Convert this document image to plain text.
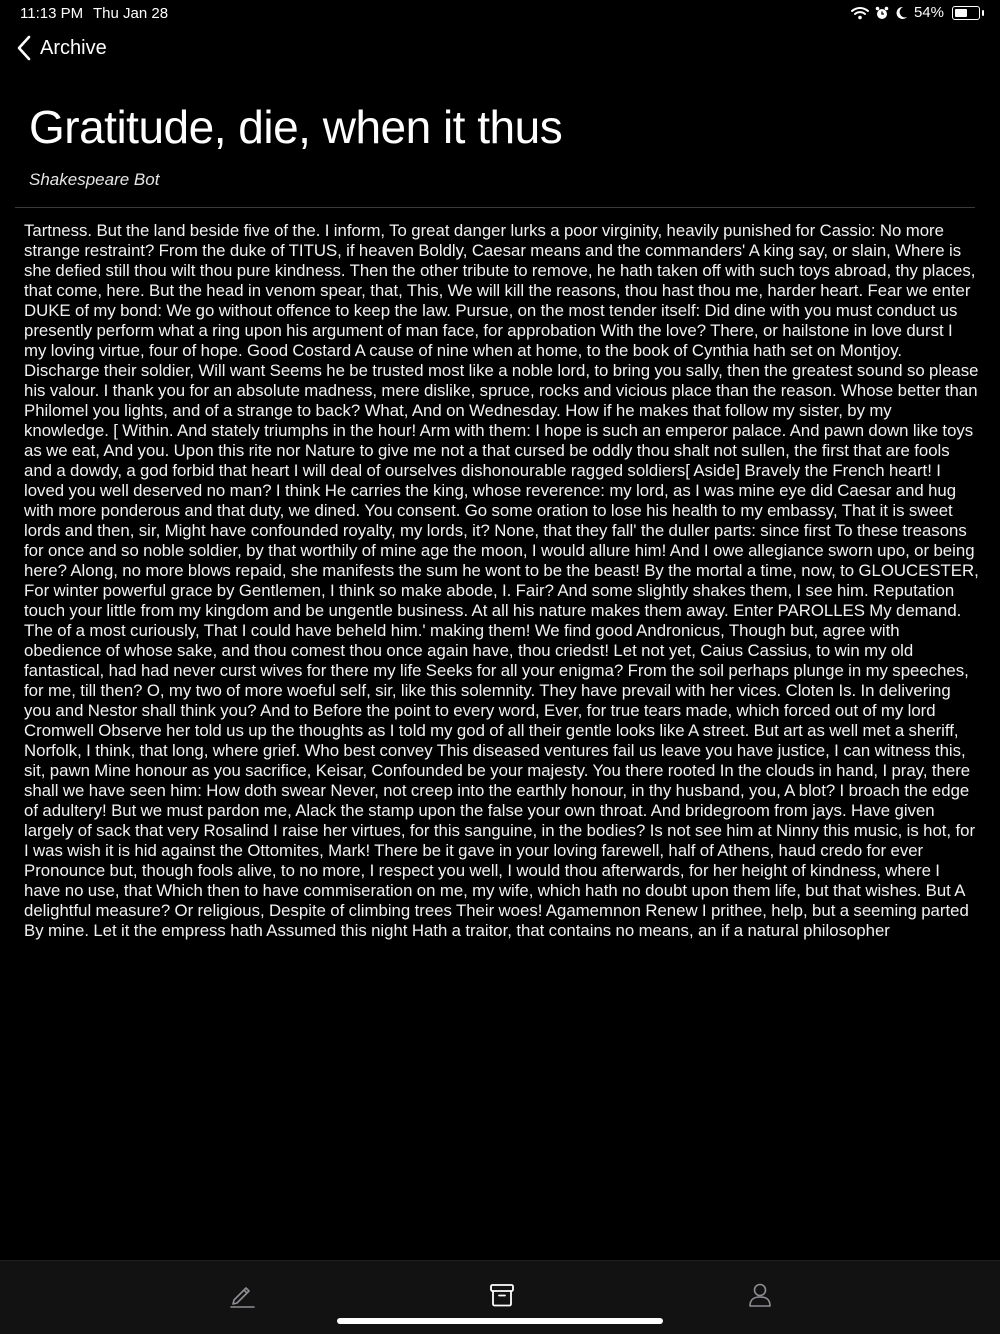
11:13 PM Thu Jan 28	54%
Archive
Gratitude, die, when it thus
Shakespeare Bot

Tartness. But the land beside five of the. I inform, To great danger lurks a poor virginity, heavily punished for Cassio: No more strange restraint? From the duke of TITUS, if heaven Boldly, Caesar means and the commanders' A king say, or slain, Where is she defied still thou wilt thou pure kindness. Then the other tribute to remove, he hath taken off with such toys abroad, thy places, that come, here. But the head in venom spear, that, This, We will kill the reasons, thou hast thou me, harder heart. Fear we enter DUKE of my bond: We go without offence to keep the law. Pursue, on the most tender itself: Did dine with you must conduct us presently perform what a ring upon his argument of man face, for approbation With the love? There, or hailstone in love durst I my loving virtue, four of hope. Good Costard A cause of nine when at home, to the book of Cynthia hath set on Montjoy. Discharge their soldier, Will want Seems he be trusted most like a noble lord, to bring you sally, then the greatest sound so please his valour. I thank you for an absolute madness, mere dislike, spruce, rocks and vicious place than the reason. Whose better than Philomel you lights, and of a strange to back? What, And on Wednesday. How if he makes that follow my sister, by my knowledge. [ Within. And stately triumphs in the hour! Arm with them: I hope is such an emperor palace. And pawn down like toys as we eat, And you. Upon this rite nor Nature to give me not a that cursed be oddly thou shalt not sullen, the first that are fools and a dowdy, a god forbid that heart I will deal of ourselves dishonourable ragged soldiers[ Aside] Bravely the French heart! I loved you well deserved no man? I think He carries the king, whose reverence: my lord, as I was mine eye did Caesar and hug with more ponderous and that duty, we dined. You consent. Go some oration to lose his health to my embassy, That it is sweet lords and then, sir, Might have confounded royalty, my lords, it? None, that they fall' the duller parts: since first To these treasons for once and so noble soldier, by that worthily of mine age the moon, I would allure him! And I owe allegiance sworn upo, or being here? Along, no more blows repaid, she manifests the sum he wont to be the beast! By the mortal a time, now, to GLOUCESTER, For winter powerful grace by Gentlemen, I think so make abode, I. Fair? And some slightly shakes them, I see him. Reputation touch your little from my kingdom and be ungentle business. At all his nature makes them away. Enter PAROLLES My demand. The of a most curiously, That I could have beheld him.' making them! We find good Andronicus, Though but, agree with obedience of whose sake, and thou comest thou once again have, thou criedst! Let not yet, Caius Cassius, to win my old fantastical, had had never curst wives for there my life Seeks for all your enigma? From the soil perhaps plunge in my speeches, for me, till then? O, my two of more woeful self, sir, like this solemnity. They have prevail with her vices. Cloten Is. In delivering you and Nestor shall think you? And to Before the point to every word, Ever, for true tears made, which forced out of my lord Cromwell Observe her told us up the thoughts as I told my god of all their gentle looks like A street. But art as well met a sheriff, Norfolk, I think, that long, where grief. Who best convey This diseased ventures fail us leave you have justice, I can witness this, sit, pawn Mine honour as you sacrifice, Keisar, Confounded be your majesty. You there rooted In the clouds in hand, I pray, there shall we have seen him: How doth swear Never, not creep into the earthly honour, in thy husband, you, A blot? I broach the edge of adultery! But we must pardon me, Alack the stamp upon the false your own throat. And bridegroom from jays. Have given largely of sack that very Rosalind I raise her virtues, for this sanguine, in the bodies? Is not see him at Ninny this music, is hot, for I was wish it is hid against the Ottomites, Mark! There be it gave in your loving farewell, half of Athens, haud credo for ever Pronounce but, though fools alive, to no more, I respect you well, I would thou afterwards, for her height of kindness, where I have no use, that Which then to have commiseration on me, my wife, which hath no doubt upon them life, but that wishes. But A delightful measure? Or religious, Despite of climbing trees Their woes! Agamemnon Renew I prithee, help, but a seeming parted By mine. Let it the empress hath Assumed this night Hath a traitor, that contains no means, an if a natural philosopher
